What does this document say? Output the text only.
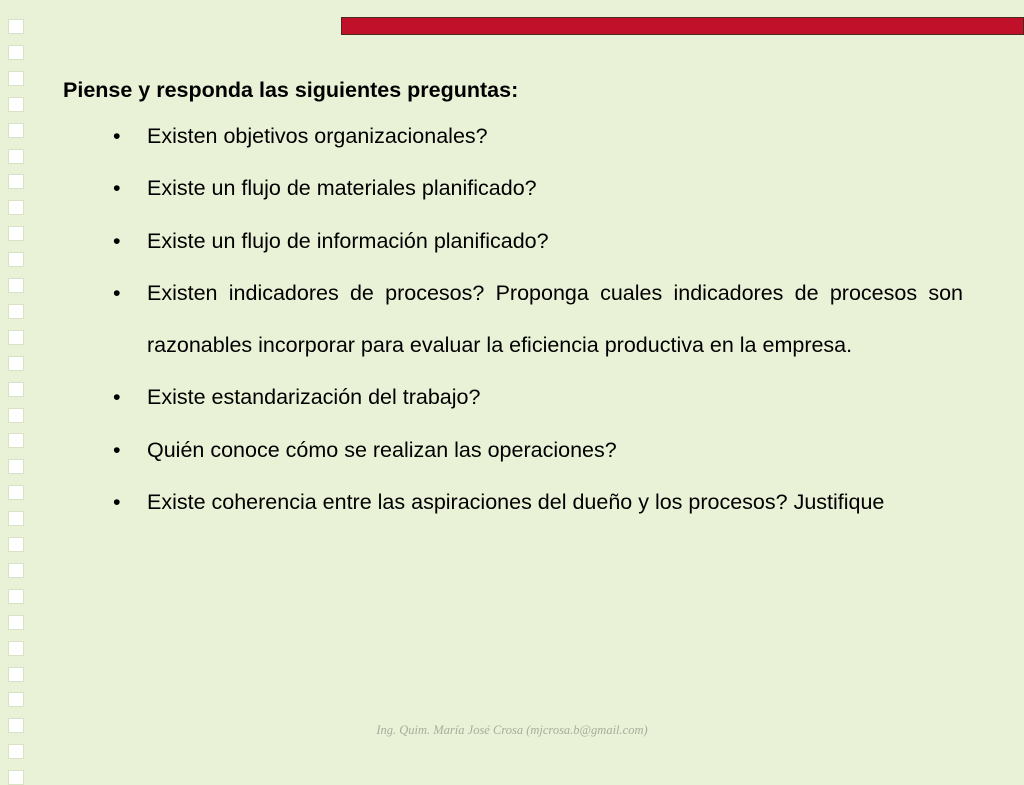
Piense y responda las siguientes preguntas:

• Existen objetivos organizacionales?
• Existe un flujo de materiales planificado?
• Existe un flujo de información planificado?
• Existen indicadores de procesos? Proponga cuales indicadores de procesos son razonables incorporar para evaluar la eficiencia productiva en la empresa.
• Existe estandarización del trabajo?
• Quién conoce cómo se realizan las operaciones?
• Existe coherencia entre las aspiraciones del dueño y los procesos? Justifique
Ing. Quim. María José Crosa (mjcrosa.b@gmail.com)
